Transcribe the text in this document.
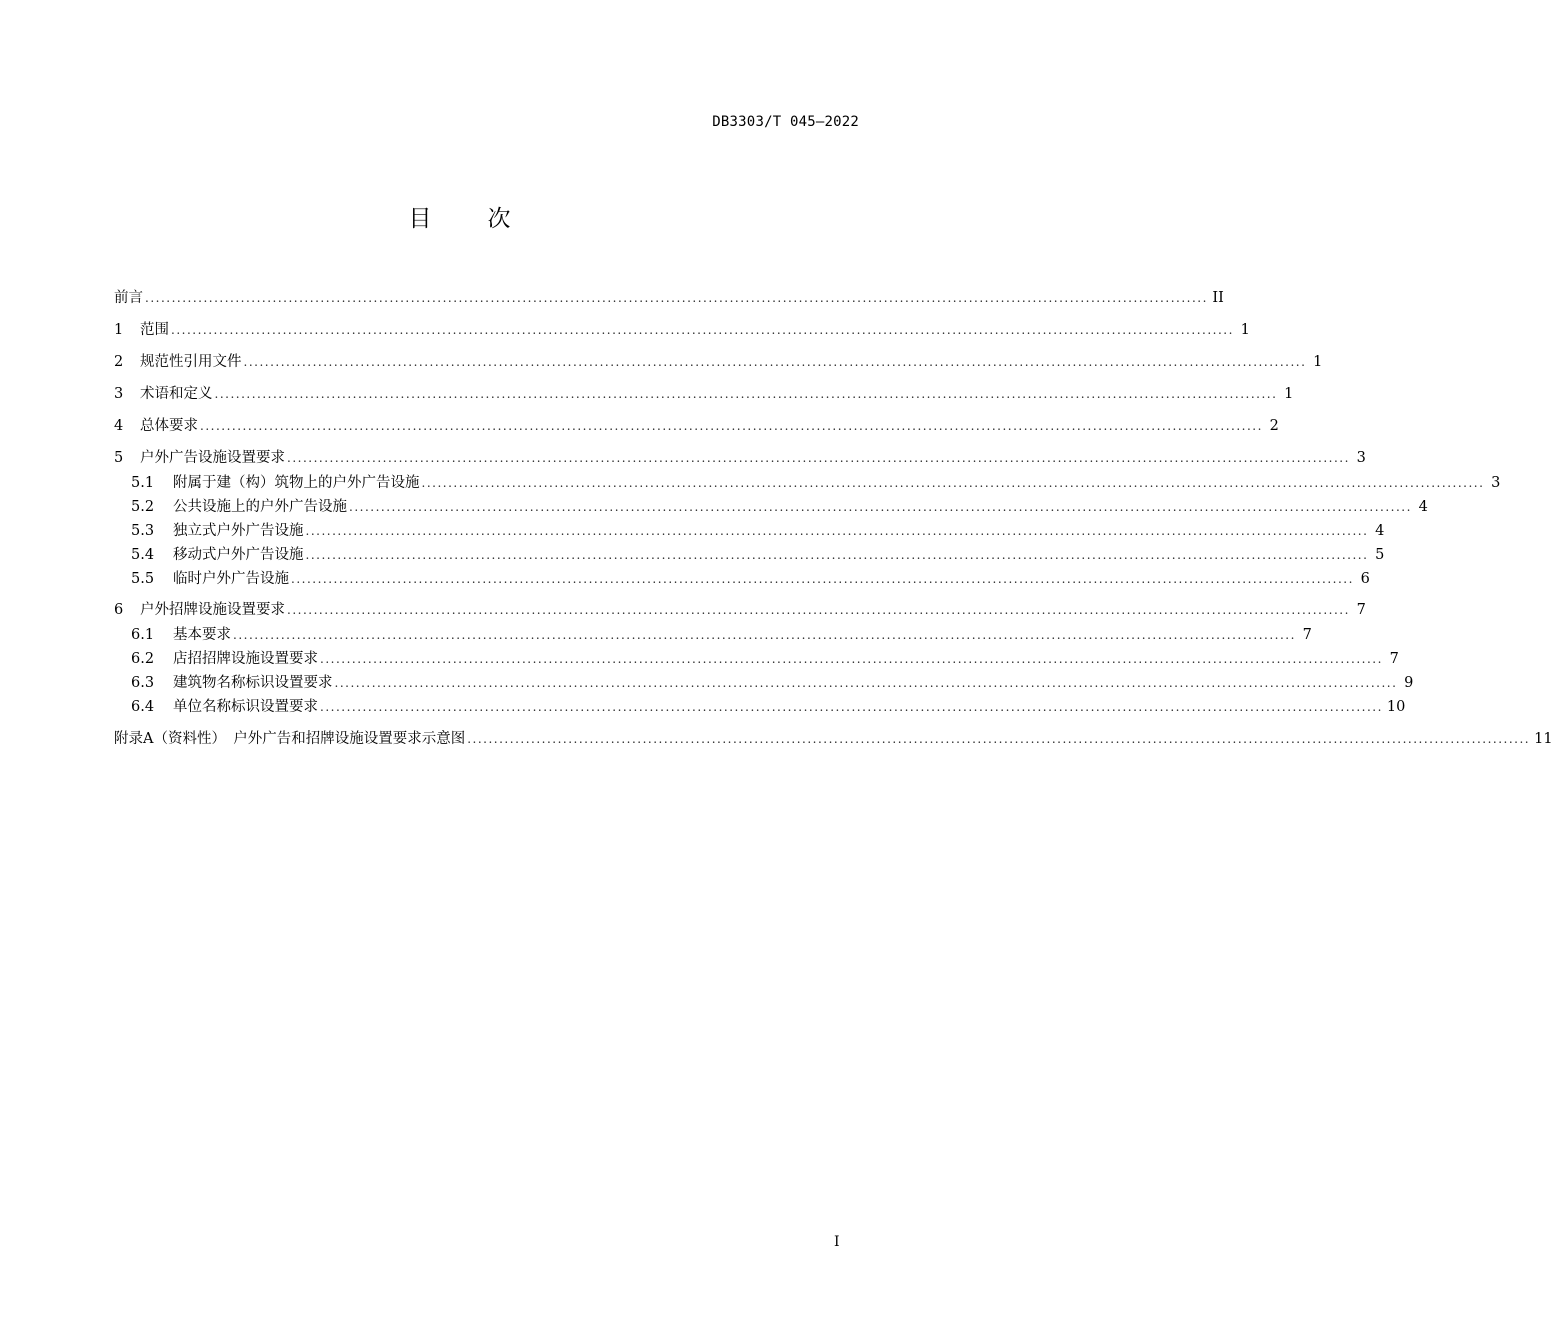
DB3303/T 045—2022
目次
前言 ........................................................................................................................................................................................................ II
1	范围 ........................................................................................................................................................................................................ 1
2	规范性引用文件 ........................................................................................................................................................................................................ 1
3	术语和定义 ........................................................................................................................................................................................................ 1
4	总体要求 ........................................................................................................................................................................................................ 2
5	户外广告设施设置要求 ........................................................................................................................................................................................................ 3
5.1	附属于建（构）筑物上的户外广告设施 ........................................................................................................................................................................................................ 3
5.2	公共设施上的户外广告设施 ........................................................................................................................................................................................................ 4
5.3	独立式户外广告设施 ........................................................................................................................................................................................................ 4
5.4	移动式户外广告设施 ........................................................................................................................................................................................................ 5
5.5	临时户外广告设施 ........................................................................................................................................................................................................ 6
6	户外招牌设施设置要求 ........................................................................................................................................................................................................ 7
6.1	基本要求 ........................................................................................................................................................................................................ 7
6.2	店招招牌设施设置要求 ........................................................................................................................................................................................................ 7
6.3	建筑物名称标识设置要求 ........................................................................................................................................................................................................ 9
6.4	单位名称标识设置要求 ........................................................................................................................................................................................................ 10
附录A（资料性）　户外广告和招牌设施设置要求示意图 ........................................................................................................................................................................................................ 11
I
